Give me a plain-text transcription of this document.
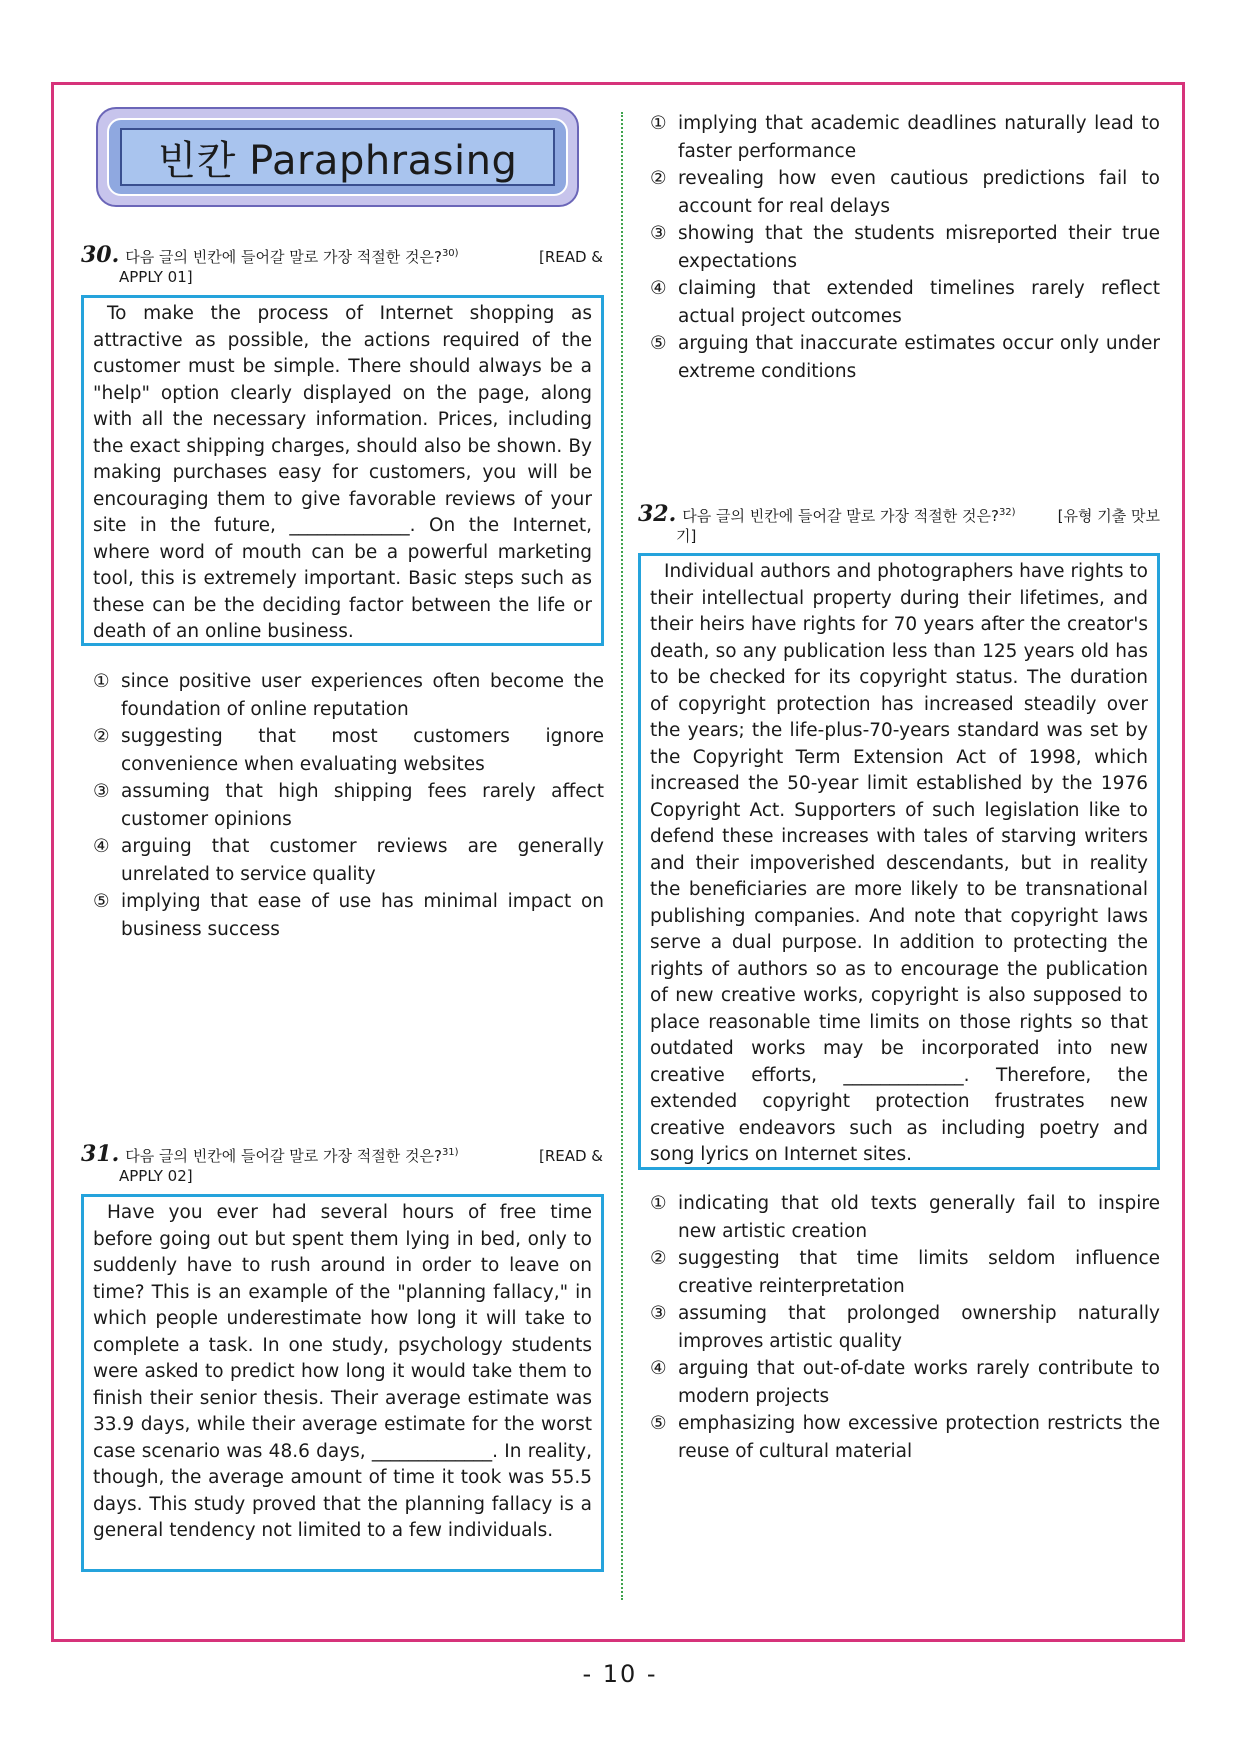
빈칸 Paraphrasing
30. 다음 글의 빈칸에 들어갈 말로 가장 적절한 것은?$^{30)}$	[READ &
APPLY 01]

To make the process of Internet shopping as attractive as possible, the actions required of the customer must be simple. There should always be a "help" option clearly displayed on the page, along with all the necessary information. Prices, including the exact shipping charges, should also be shown. By making purchases easy for customers, you will be encouraging them to give favorable reviews of your site in the future, _____________. On the Internet, where word of mouth can be a powerful marketing tool, this is extremely important. Basic steps such as these can be the deciding factor between the life or death of an online business.

① since positive user experiences often become the foundation of online reputation
② suggesting that most customers ignore convenience when evaluating websites
③ assuming that high shipping fees rarely affect customer opinions
④ arguing that customer reviews are generally unrelated to service quality
⑤ implying that ease of use has minimal impact on business success
31. 다음 글의 빈칸에 들어갈 말로 가장 적절한 것은?$^{31)}$	[READ &
APPLY 02]

Have you ever had several hours of free time before going out but spent them lying in bed, only to suddenly have to rush around in order to leave on time? This is an example of the "planning fallacy," in which people underestimate how long it will take to complete a task. In one study, psychology students were asked to predict how long it would take them to finish their senior thesis. Their average estimate was 33.9 days, while their average estimate for the worst case scenario was 48.6 days, _____________. In reality, though, the average amount of time it took was 55.5 days. This study proved that the planning fallacy is a general tendency not limited to a few individuals.

① implying that academic deadlines naturally lead to faster performance
② revealing how even cautious predictions fail to account for real delays
③ showing that the students misreported their true expectations
④ claiming that extended timelines rarely reflect actual project outcomes
⑤ arguing that inaccurate estimates occur only under extreme conditions
32. 다음 글의 빈칸에 들어갈 말로 가장 적절한 것은?$^{32)}$	[유형 기출 맛보
기]

Individual authors and photographers have rights to their intellectual property during their lifetimes, and their heirs have rights for 70 years after the creator's death, so any publication less than 125 years old has to be checked for its copyright status. The duration of copyright protection has increased steadily over the years; the life-plus-70-years standard was set by the Copyright Term Extension Act of 1998, which increased the 50-year limit established by the 1976 Copyright Act. Supporters of such legislation like to defend these increases with tales of starving writers and their impoverished descendants, but in reality the beneficiaries are more likely to be transnational publishing companies. And note that copyright laws serve a dual purpose. In addition to protecting the rights of authors so as to encourage the publication of new creative works, copyright is also supposed to place reasonable time limits on those rights so that outdated works may be incorporated into new creative efforts, _____________. Therefore, the extended copyright protection frustrates new creative endeavors such as including poetry and song lyrics on Internet sites.

① indicating that old texts generally fail to inspire new artistic creation
② suggesting that time limits seldom influence creative reinterpretation
③ assuming that prolonged ownership naturally improves artistic quality
④ arguing that out-of-date works rarely contribute to modern projects
⑤ emphasizing how excessive protection restricts the reuse of cultural material
- 10 -
